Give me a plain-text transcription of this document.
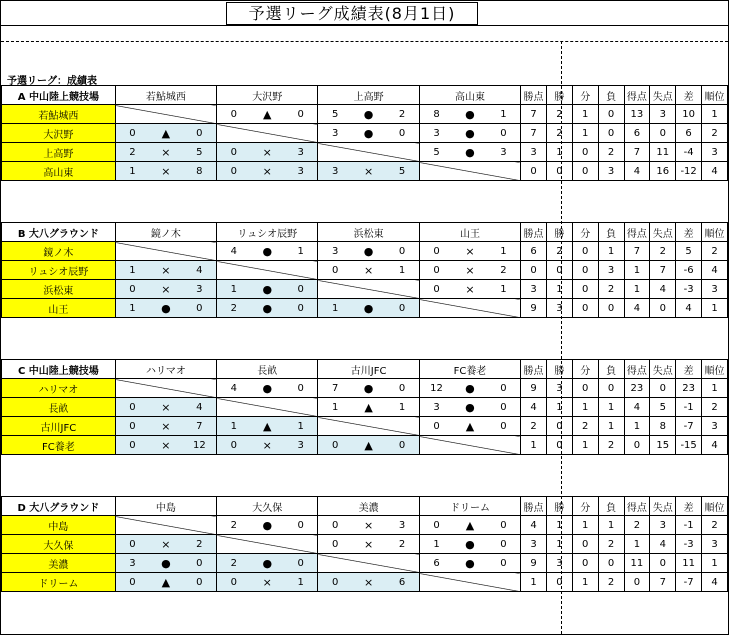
予選リーグ成績表(8月1日)
予選リーグ：成績表
A 中山陸上競技場	若鮎城西	大沢野	上高野	高山東	勝点	勝	分	負	得点	失点	差	順位
若鮎城西		0 ▲ 0	5 ● 2	8 ● 1	7	2	1	0	13	3	10	1
大沢野	0 ▲ 0		3 ● 0	3 ● 0	7	2	1	0	6	0	6	2
上高野	2 × 5	0 × 3		5 ● 3	3	1	0	2	7	11	-4	3
高山東	1 × 8	0 × 3	3 × 5		0	0	0	3	4	16	-12	4
B 大八グラウンド	鏡ノ木	リュシオ辰野	浜松東	山王	勝点	勝	分	負	得点	失点	差	順位
鏡ノ木		4 ● 1	3 ● 0	0 × 1	6	2	0	1	7	2	5	2
リュシオ辰野	1 × 4		0 × 1	0 × 2	0	0	0	3	1	7	-6	4
浜松東	0 × 3	1 ● 0		0 × 1	3	1	0	2	1	4	-3	3
山王	1 ● 0	2 ● 0	1 ● 0		9	3	0	0	4	0	4	1
C 中山陸上競技場	ハリマオ	長畝	古川JFC	FC養老	勝点	勝	分	負	得点	失点	差	順位
ハリマオ		4 ● 0	7 ● 0	12 ● 0	9	3	0	0	23	0	23	1
長畝	0 × 4		1 ▲ 1	3 ● 0	4	1	1	1	4	5	-1	2
古川JFC	0 × 7	1 ▲ 1		0 ▲ 0	2	0	2	1	1	8	-7	3
FC養老	0 × 12	0 × 3	0 ▲ 0		1	0	1	2	0	15	-15	4
D 大八グラウンド	中島	大久保	美濃	ドリーム	勝点	勝	分	負	得点	失点	差	順位
中島		2 ● 0	0 × 3	0 ▲ 0	4	1	1	1	2	3	-1	2
大久保	0 × 2		0 × 2	1 ● 0	3	1	0	2	1	4	-3	3
美濃	3 ● 0	2 ● 0		6 ● 0	9	3	0	0	11	0	11	1
ドリーム	0 ▲ 0	0 × 1	0 × 6		1	0	1	2	0	7	-7	4
